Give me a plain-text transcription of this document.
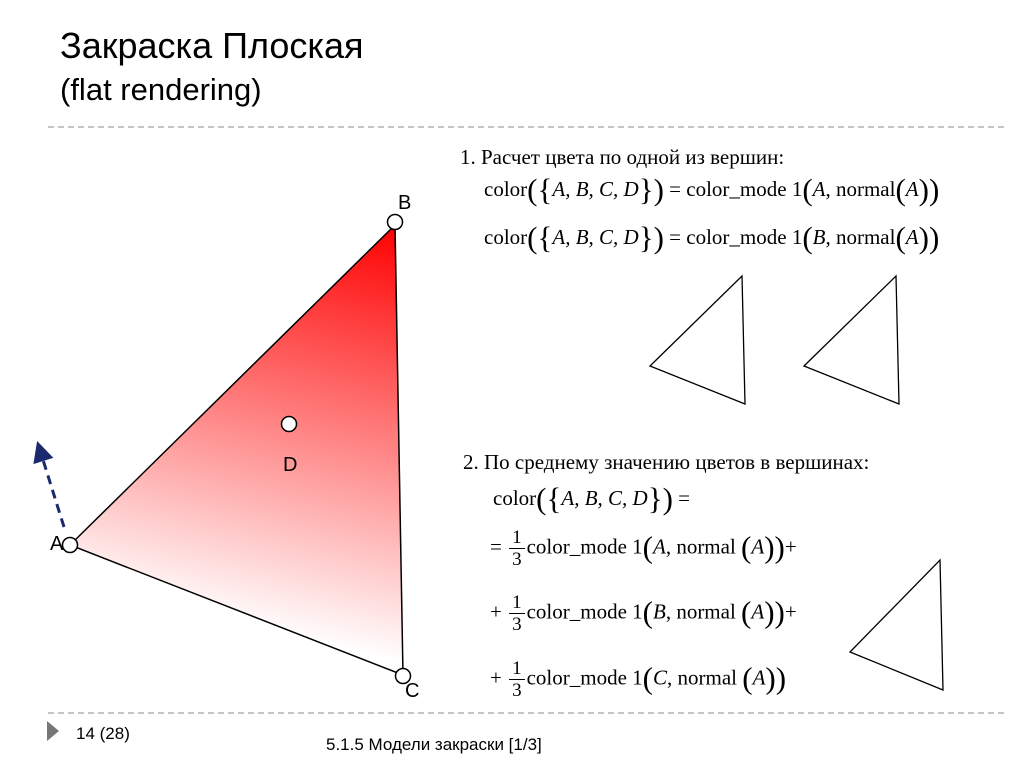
Закраска Плоская
(flat rendering)
B
A
C
D
1. Расчет цвета по одной из вершин:
color({A, B, C, D}) = color_mode 1(A, normal(A))
color({A, B, C, D}) = color_mode 1(B, normal(A))
2. По среднему значению цветов в вершинах:
color({A, B, C, D}) =
= $\frac{1}{3}$ color_mode 1(A, normal (A))+
+ $\frac{1}{3}$ color_mode 1(B, normal (A))+
+ $\frac{1}{3}$ color_mode 1(C, normal (A))
14 (28)
5.1.5 Модели закраски [1/3]
